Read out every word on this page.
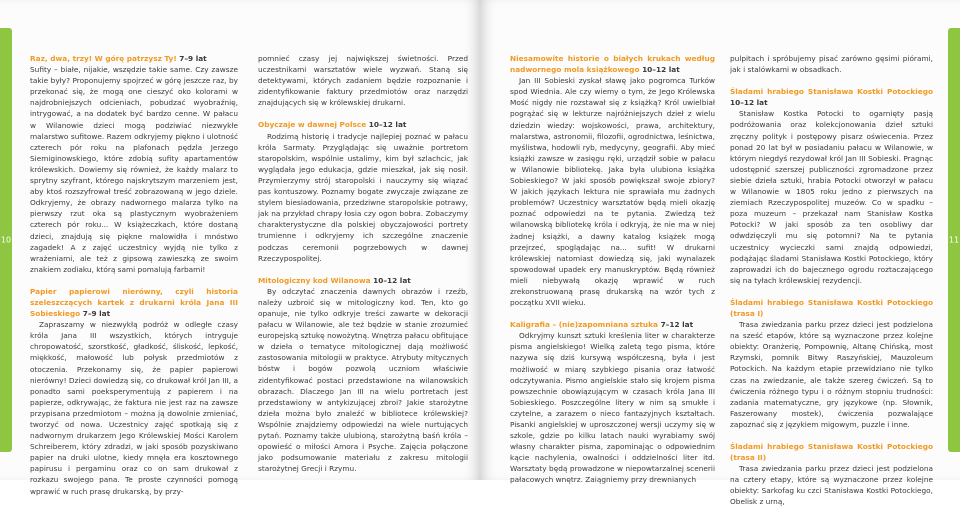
10

Raz, dwa, trzy! W górę patrzysz Ty! 7–9 lat
Sufity – białe, nijakie, wszędzie takie same. Czy zawsze takie były? Proponujemy spojrzeć w górę jeszcze raz, by przekonać się, że mogą one cieszyć oko kolorami w najdrobniejszych odcieniach, pobudzać wyobraźnię, intrygować, a na dodatek być bardzo cenne. W pałacu w Wilanowie dzieci mogą podziwiać niezwykłe malarstwo sufitowe. Razem odkryjemy piękno i ulotność czterech pór roku na plafonach pędzla Jerzego Siemiginowskiego, które zdobią sufity apartamentów królewskich. Dowiemy się również, że każdy malarz to sprytny szyfrant, którego najskrytszym marzeniem jest, aby ktoś rozszyfrował treść zobrazowaną w jego dziele. Odkryjemy, że obrazy nadwornego malarza tylko na pierwszy rzut oka są plastycznym wyobrażeniem czterech pór roku... W książeczkach, które dostaną dzieci, znajdują się piękne malowidła i mnóstwo zagadek! A z zajęć uczestnicy wyjdą nie tylko z wrażeniami, ale też z gipsową zawieszką ze swoim znakiem zodiaku, którą sami pomalują farbami!

Papier papierowi nierówny, czyli historia szeleszczących kartek z drukarni króla Jana III Sobieskiego 7–9 lat

Zapraszamy w niezwykłą podróż w odległe czasy króla Jana III wszystkich, których intryguje chropowatość, szorstkość, gładkość, śliskość, lepkość, miękkość, małowość lub połysk przedmiotów z otoczenia. Przekonamy się, że papier papierowi nierówny! Dzieci dowiedzą się, co drukował król Jan III, a ponadto sami poeksperymentują z papierem i na papierze, odkrywając, że faktura nie jest raz na zawsze przypisana przedmiotom – można ją dowolnie zmieniać, tworzyć od nowa. Uczestnicy zajęć spotkają się z nadwornym drukarzem Jego Królewskiej Mości Karolem Schreiberem, który zdradzi, w jaki sposób pozyskiwano papier na druki ulotne, kiedy mnęła era kosztownego papirusu i pergaminu oraz co on sam drukował z rozkazu swojego pana. Te proste czynności pomogą wprawić w ruch prasę drukarską, by przy-

pomnieć czasy jej największej świetności. Przed uczestnikami warsztatów wiele wyzwań. Staną się detektywami, których zadaniem będzie rozpoznanie i zidentyfikowanie faktury przedmiotów oraz narzędzi znajdujących się w królewskiej drukarni.

Obyczaje w dawnej Polsce 10–12 lat

Rodzimą historię i tradycje najlepiej poznać w pałacu króla Sarmaty. Przyglądając się uważnie portretom staropolskim, wspólnie ustalimy, kim był szlachcic, jak wyglądała jego edukacja, gdzie mieszkał, jak się nosił. Przymierzymy strój staropolski i nauczymy się wiązać pas kontuszowy. Poznamy bogate zwyczaje związane ze stylem biesiadowania, przedziwne staropolskie potrawy, jak na przykład chrapy łosia czy ogon bobra. Zobaczymy charakterystyczne dla polskiej obyczajowości portrety trumienne i odkryjemy ich szczególne znaczenie podczas ceremonii pogrzebowych w dawnej Rzeczypospolitej.

Mitologiczny kod Wilanowa 10–12 lat

By odczytać znaczenia dawnych obrazów i rzeźb, należy uzbroić się w mitologiczny kod. Ten, kto go opanuje, nie tylko odkryje treści zawarte w dekoracji pałacu w Wilanowie, ale też będzie w stanie zrozumieć europejską sztukę nowożytną. Wnętrza pałacu obfitujące w dzieła o tematyce mitologicznej dają możliwość zastosowania mitologii w praktyce. Atrybuty mitycznych bóstw i bogów pozwolą uczniom właściwie zidentyfikować postaci przedstawione na wilanowskich obrazach. Dlaczego Jan III na wielu portretach jest przedstawiony w antykizującej zbroi? Jakie starożytne dzieła można było znaleźć w bibliotece królewskiej? Wspólnie znajdziemy odpowiedzi na wiele nurtujących pytań. Poznamy także ulubioną, starożytną baśń króla – opowieść o miłości Amora i Psyche. Zajęcia połączone jako podsumowanie materiału z zakresu mitologii starożytnej Grecji i Rzymu.

11

Niesamowite historie o białych krukach według nadwornego mola książkowego 10–12 lat

Jan III Sobieski zyskał sławę jako pogromca Turków spod Wiednia. Ale czy wiemy o tym, że Jego Królewska Mość nigdy nie rozstawał się z książką? Król uwielbiał pogrążać się w lekturze najróżniejszych dzieł z wielu dziedzin wiedzy: wojskowości, prawa, architektury, malarstwa, astronomii, filozofii, ogrodnictwa, leśnictwa, myślistwa, hodowli ryb, medycyny, geografii. Aby mieć książki zawsze w zasięgu ręki, urządził sobie w pałacu w Wilanowie bibliotekę. Jaka była ulubiona książka Sobieskiego? W jaki sposób powiększał swoje zbiory? W jakich językach lektura nie sprawiała mu żadnych problemów? Uczestnicy warsztatów będą mieli okazję poznać odpowiedzi na te pytania. Zwiedzą też wilanowską bibliotekę króla i odkryją, że nie ma w niej żadnej książki, a dawny katalog książek mogą przejrzeć, spoglądając na... sufit! W drukarni królewskiej natomiast dowiedzą się, jaki wynalazek spowodował upadek ery manuskryptów. Będą również mieli niebywałą okazję wprawić w ruch zrekonstruowaną prasę drukarską na wzór tych z początku XVII wieku.

Kaligrafia – (nie)zapomniana sztuka 7–12 lat

Odkryjmy kunszt sztuki kreślenia liter w charakterze pisma angielskiego! Wielką zaletą tego pisma, które nazywa się dziś kursywą współczesną, była i jest możliwość w miarę szybkiego pisania oraz łatwość odczytywania. Pismo angielskie stało się krojem pisma powszechnie obowiązującym w czasach króla Jana III Sobieskiego. Poszczególne litery w nim są smukłe i czytelne, a zarazem o nieco fantazyjnych kształtach. Pisanki angielskiej w uproszczonej wersji uczymy się w szkole, gdzie po kilku latach nauki wyrabiamy swój własny charakter pisma, zapominając o odpowiednim kącie nachylenia, owalności i oddzielności liter itd. Warsztaty będą prowadzone w niepowtarzalnej scenerii pałacowych wnętrz. Zaiągniemy przy drewnianych

pulpitach i spróbujemy pisać zarówno gęsimi piórami, jak i stalówkami w obsadkach.

Śladami hrabiego Stanisława Kostki Potockiego 10–12 lat

Stanisław Kostka Potocki to ogarnięty pasją podróżowania oraz kolekcjonowania dzieł sztuki zręczny polityk i postępowy pisarz oświecenia. Przez ponad 20 lat był w posiadaniu pałacu w Wilanowie, w którym niegdyś rezydował król Jan III Sobieski. Pragnąc udostępnić szerszej publiczności zgromadzone przez siebie dzieła sztuki, hrabia Potocki otworzył w pałacu w Wilanowie w 1805 roku jedno z pierwszych na ziemiach Rzeczypospolitej muzeów. Co w spadku – poza muzeum – przekazał nam Stanisław Kostka Potocki? W jaki sposób za ten osobliwy dar odwdzięczyli mu się potomni? Na te pytania uczestnicy wycieczki sami znajdą odpowiedzi, podążając śladami Stanisława Kostki Potockiego, który zaprowadzi ich do bajecznego ogrodu roztaczającego się na tyłach królewskiej rezydencji.

Śladami hrabiego Stanisława Kostki Potockiego (trasa I)

Trasa zwiedzania parku przez dzieci jest podzielona na sześć etapów, które są wyznaczone przez kolejne obiekty: Oranżerię, Pompownię, Altanę Chińską, most Rzymski, pomnik Bitwy Raszyńskiej, Mauzoleum Potockich. Na każdym etapie przewidziano nie tylko czas na zwiedzanie, ale także szereg ćwiczeń. Są to ćwiczenia różnego typu i o różnym stopniu trudności: zadania matematyczne, gry językowe (np. Słownik, Faszerowany mostek), ćwiczenia pozwalające zapoznać się z językiem migowym, puzzle i inne.

Śladami hrabiego Stanisława Kostki Potockiego (trasa II)

Trasa zwiedzania parku przez dzieci jest podzielona na cztery etapy, które są wyznaczone przez kolejne obiekty: Sarkofag ku czci Stanisława Kostki Potockiego, Obelisk z urną,
